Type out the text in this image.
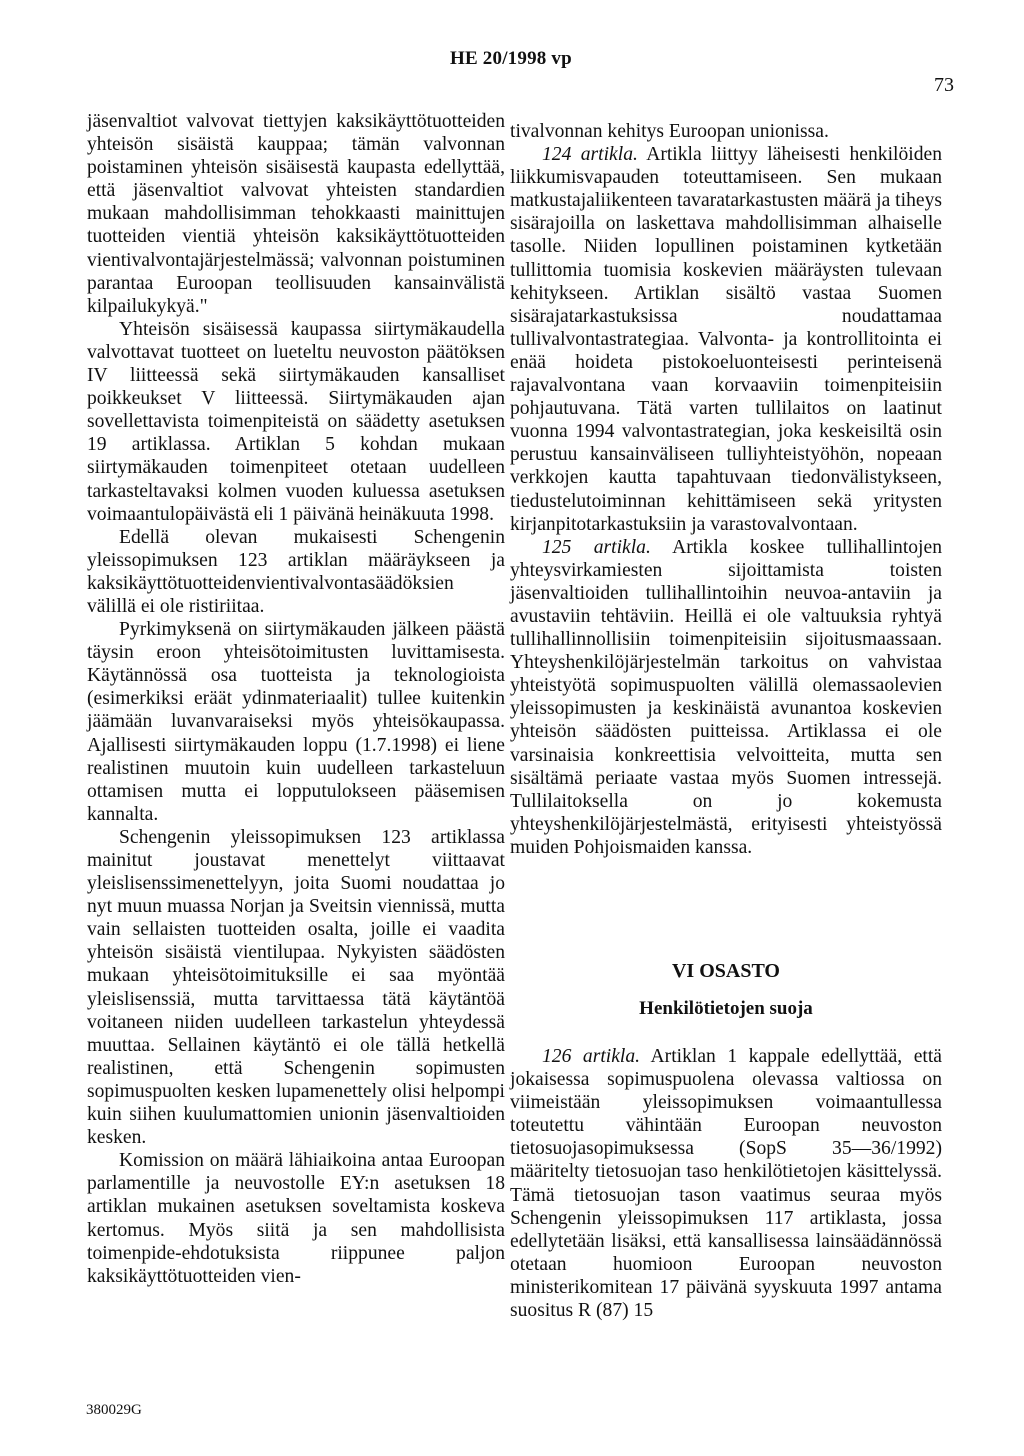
HE 20/1998 vp
73

jäsenvaltiot valvovat tiettyjen kaksikäyttötuotteiden yhteisön sisäistä kauppaa; tämän valvonnan poistaminen yhteisön sisäisestä kaupasta edellyttää, että jäsenvaltiot valvovat yhteisten standardien mukaan mahdollisimman tehokkaasti mainittujen tuotteiden vientiä yhteisön kaksikäyttötuotteiden vientivalvontajärjestelmässä; valvonnan poistuminen parantaa Euroopan teollisuuden kansainvälistä kilpailukykyä."

Yhteisön sisäisessä kaupassa siirtymäkaudella valvottavat tuotteet on lueteltu neuvoston päätöksen IV liitteessä sekä siirtymäkauden kansalliset poikkeukset V liitteessä. Siirtymäkauden ajan sovellettavista toimenpiteistä on säädetty asetuksen 19 artiklassa. Artiklan 5 kohdan mukaan siirtymäkauden toimenpiteet otetaan uudelleen tarkasteltavaksi kolmen vuoden kuluessa asetuksen voimaantulopäivästä eli 1 päivänä heinäkuuta 1998.

Edellä olevan mukaisesti Schengenin yleissopimuksen 123 artiklan määräykseen ja kaksikäyttötuotteidenvientivalvontasäädöksien välillä ei ole ristiriitaa.

Pyrkimyksenä on siirtymäkauden jälkeen päästä täysin eroon yhteisötoimitusten luvittamisesta. Käytännössä osa tuotteista ja teknologioista (esimerkiksi eräät ydinmateriaalit) tullee kuitenkin jäämään luvanvaraiseksi myös yhteisökaupassa. Ajallisesti siirtymäkauden loppu (1.7.1998) ei liene realistinen muutoin kuin uudelleen tarkasteluun ottamisen mutta ei lopputulokseen pääsemisen kannalta.

Schengenin yleissopimuksen 123 artiklassa mainitut joustavat menettelyt viittaavat yleislisenssimenettelyyn, joita Suomi noudattaa jo nyt muun muassa Norjan ja Sveitsin viennissä, mutta vain sellaisten tuotteiden osalta, joille ei vaadita yhteisön sisäistä vientilupaa. Nykyisten säädösten mukaan yhteisötoimituksille ei saa myöntää yleislisenssiä, mutta tarvittaessa tätä käytäntöä voitaneen niiden uudelleen tarkastelun yhteydessä muuttaa. Sellainen käytäntö ei ole tällä hetkellä realistinen, että Schengenin sopimusten sopimuspuolten kesken lupamenettely olisi helpompi kuin siihen kuulumattomien unionin jäsenvaltioiden kesken.

Komission on määrä lähiaikoina antaa Euroopan parlamentille ja neuvostolle EY:n asetuksen 18 artiklan mukainen asetuksen soveltamista koskeva kertomus. Myös siitä ja sen mahdollisista toimenpide-ehdotuksista riippunee paljon kaksikäyttötuotteiden vien-

tivalvonnan kehitys Euroopan unionissa.

124 artikla. Artikla liittyy läheisesti henkilöiden liikkumisvapauden toteuttamiseen. Sen mukaan matkustajaliikenteen tavaratarkastusten määrä ja tiheys sisärajoilla on laskettava mahdollisimman alhaiselle tasolle. Niiden lopullinen poistaminen kytketään tullittomia tuomisia koskevien määräysten tulevaan kehitykseen. Artiklan sisältö vastaa Suomen sisärajatarkastuksissa noudattamaa tullivalvontastrategiaa. Valvonta- ja kontrollitointa ei enää hoideta pistokoeluonteisesti perinteisenä rajavalvontana vaan korvaaviin toimenpiteisiin pohjautuvana. Tätä varten tullilaitos on laatinut vuonna 1994 valvontastrategian, joka keskeisiltä osin perustuu kansainväliseen tulliyhteistyöhön, nopeaan verkkojen kautta tapahtuvaan tiedonvälistykseen, tiedustelutoiminnan kehittämiseen sekä yritysten kirjanpitotarkastuksiin ja varastovalvontaan.

125 artikla. Artikla koskee tullihallintojen yhteysvirkamiesten sijoittamista toisten jäsenvaltioiden tullihallintoihin neuvoa-antaviin ja avustaviin tehtäviin. Heillä ei ole valtuuksia ryhtyä tullihallinnollisiin toimenpiteisiin sijoitusmaassaan. Yhteyshenkilöjärjestelmän tarkoitus on vahvistaa yhteistyötä sopimuspuolten välillä olemassaolevien yleissopimusten ja keskinäistä avunantoa koskevien yhteisön säädösten puitteissa. Artiklassa ei ole varsinaisia konkreettisia velvoitteita, mutta sen sisältämä periaate vastaa myös Suomen intressejä. Tullilaitoksella on jo kokemusta yhteyshenkilöjärjestelmästä, erityisesti yhteistyössä muiden Pohjoismaiden kanssa.

VI OSASTO
Henkilötietojen suoja

126 artikla. Artiklan 1 kappale edellyttää, että jokaisessa sopimuspuolena olevassa valtiossa on viimeistään yleissopimuksen voimaantullessa toteutettu vähintään Euroopan neuvoston tietosuojasopimuksessa (SopS 35—36/1992) määritelty tietosuojan taso henkilötietojen käsittelyssä. Tämä tietosuojan tason vaatimus seuraa myös Schengenin yleissopimuksen 117 artiklasta, jossa edellytetään lisäksi, että kansallisessa lainsäädännössä otetaan huomioon Euroopan neuvoston ministerikomitean 17 päivänä syyskuuta 1997 antama suositus R (87) 15

380029G
